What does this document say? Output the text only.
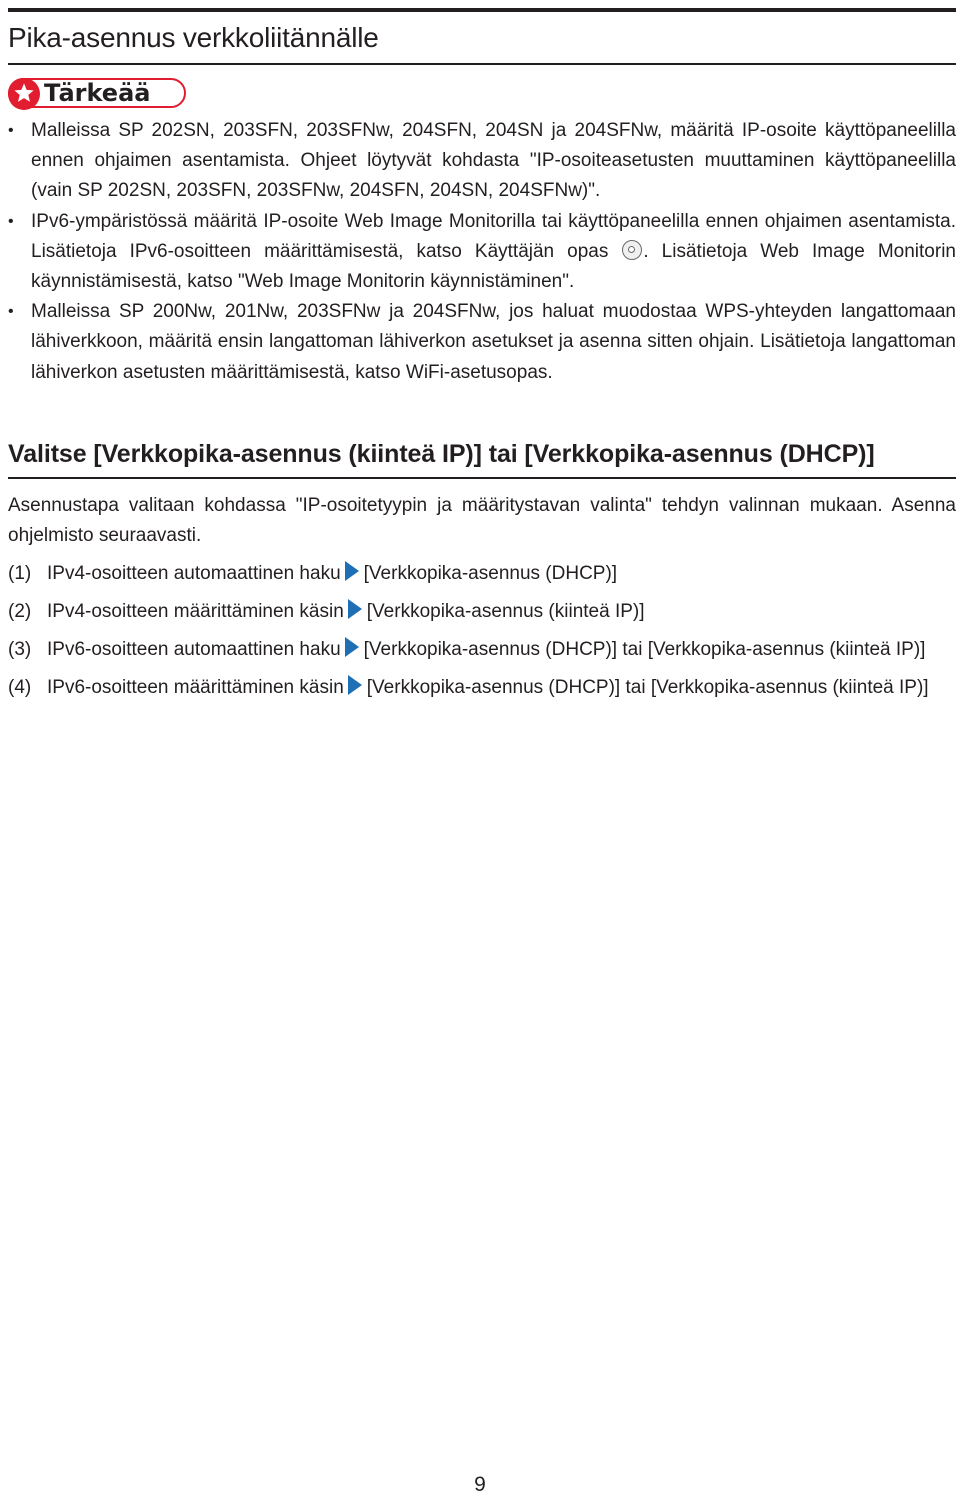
Pika-asennus verkkoliitännälle
Tärkeää
• Malleissa SP 202SN, 203SFN, 203SFNw, 204SFN, 204SN ja 204SFNw, määritä IP-osoite käyttöpaneelilla ennen ohjaimen asentamista. Ohjeet löytyvät kohdasta "IP-osoiteasetusten muuttaminen käyttöpaneelilla (vain SP 202SN, 203SFN, 203SFNw, 204SFN, 204SN, 204SFNw)".
• IPv6-ympäristössä määritä IP-osoite Web Image Monitorilla tai käyttöpaneelilla ennen ohjaimen asentamista. Lisätietoja IPv6-osoitteen määrittämisestä, katso Käyttäjän opas . Lisätietoja Web Image Monitorin käynnistämisestä, katso "Web Image Monitorin käynnistäminen".
• Malleissa SP 200Nw, 201Nw, 203SFNw ja 204SFNw, jos haluat muodostaa WPS-yhteyden langattomaan lähiverkkoon, määritä ensin langattoman lähiverkon asetukset ja asenna sitten ohjain. Lisätietoja langattoman lähiverkon asetusten määrittämisestä, katso WiFi-asetusopas.
Valitse [Verkkopika-asennus (kiinteä IP)] tai [Verkkopika-asennus (DHCP)]

Asennustapa valitaan kohdassa "IP-osoitetyypin ja määritystavan valinta" tehdyn valinnan mukaan. Asenna ohjelmisto seuraavasti.

(1) IPv4-osoitteen automaattinen haku [Verkkopika-asennus (DHCP)]
(2) IPv4-osoitteen määrittäminen käsin [Verkkopika-asennus (kiinteä IP)]
(3) IPv6-osoitteen automaattinen haku [Verkkopika-asennus (DHCP)] tai [Verkkopika-asennus (kiinteä IP)]
(4) IPv6-osoitteen määrittäminen käsin [Verkkopika-asennus (DHCP)] tai [Verkkopika-asennus (kiinteä IP)]
9
